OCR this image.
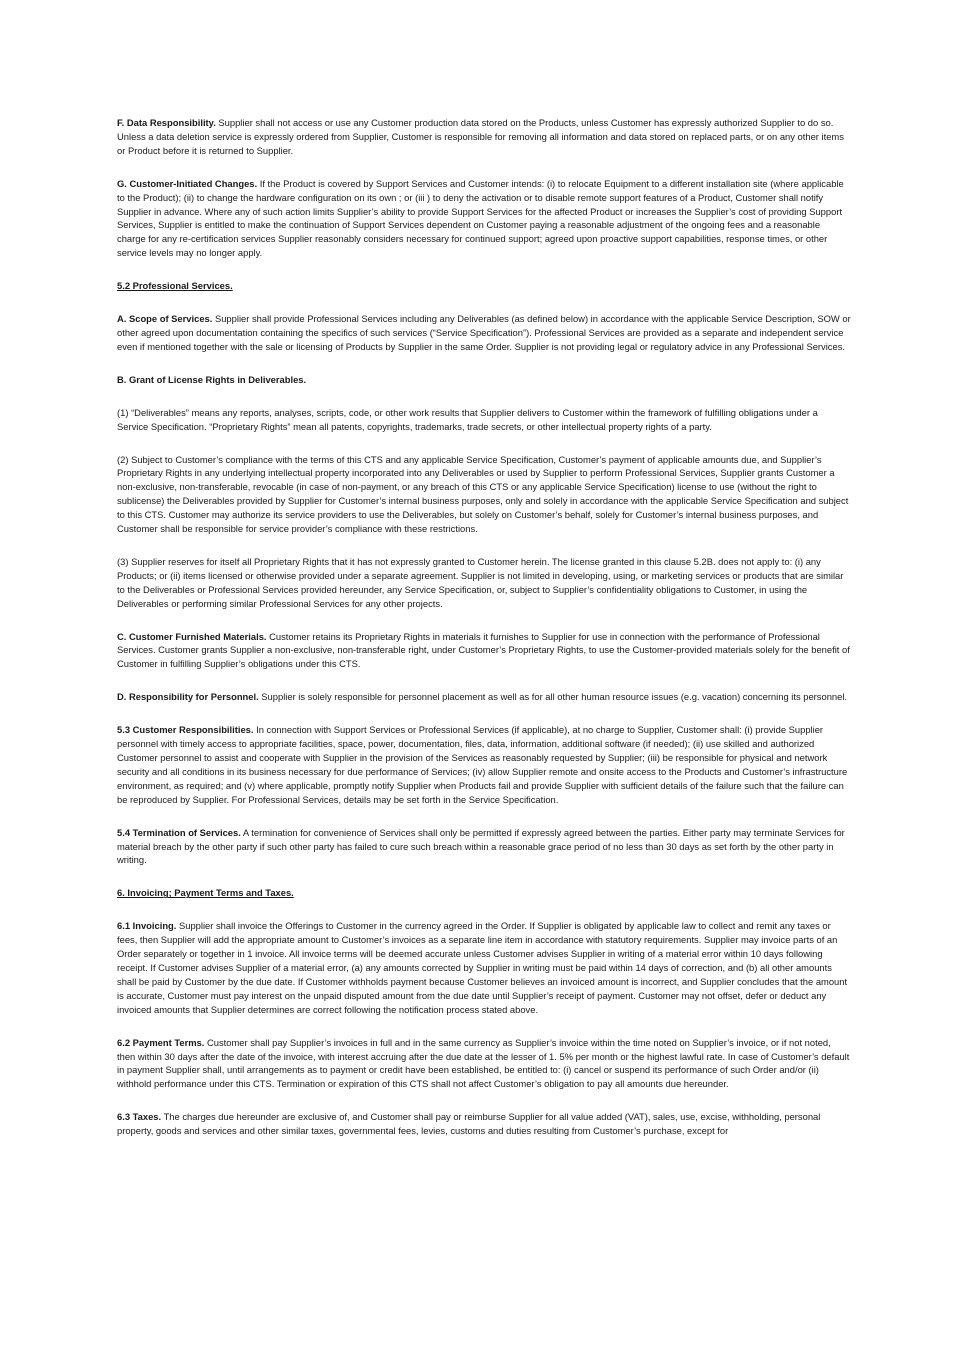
F. Data Responsibility. Supplier shall not access or use any Customer production data stored on the Products, unless Customer has expressly authorized Supplier to do so. Unless a data deletion service is expressly ordered from Supplier, Customer is responsible for removing all information and data stored on replaced parts, or on any other items or Product before it is returned to Supplier.

G. Customer-Initiated Changes. If the Product is covered by Support Services and Customer intends: (i) to relocate Equipment to a different installation site (where applicable to the Product); (ii) to change the hardware configuration on its own ; or (iii ) to deny the activation or to disable remote support features of a Product, Customer shall notify Supplier in advance. Where any of such action limits Supplier’s ability to provide Support Services for the affected Product or increases the Supplier’s cost of providing Support Services, Supplier is entitled to make the continuation of Support Services dependent on Customer paying a reasonable adjustment of the ongoing fees and a reasonable charge for any re-certification services Supplier reasonably considers necessary for continued support; agreed upon proactive support capabilities, response times, or other service levels may no longer apply.

5.2 Professional Services.

A. Scope of Services. Supplier shall provide Professional Services including any Deliverables (as defined below) in accordance with the applicable Service Description, SOW or other agreed upon documentation containing the specifics of such services (“Service Specification”). Professional Services are provided as a separate and independent service even if mentioned together with the sale or licensing of Products by Supplier in the same Order. Supplier is not providing legal or regulatory advice in any Professional Services.

B. Grant of License Rights in Deliverables.

(1) “Deliverables” means any reports, analyses, scripts, code, or other work results that Supplier delivers to Customer within the framework of fulfilling obligations under a Service Specification. “Proprietary Rights” mean all patents, copyrights, trademarks, trade secrets, or other intellectual property rights of a party.

(2) Subject to Customer’s compliance with the terms of this CTS and any applicable Service Specification, Customer’s payment of applicable amounts due, and Supplier’s Proprietary Rights in any underlying intellectual property incorporated into any Deliverables or used by Supplier to perform Professional Services, Supplier grants Customer a non-exclusive, non-transferable, revocable (in case of non-payment, or any breach of this CTS or any applicable Service Specification) license to use (without the right to sublicense) the Deliverables provided by Supplier for Customer’s internal business purposes, only and solely in accordance with the applicable Service Specification and subject to this CTS. Customer may authorize its service providers to use the Deliverables, but solely on Customer’s behalf, solely for Customer’s internal business purposes, and Customer shall be responsible for service provider’s compliance with these restrictions.

(3) Supplier reserves for itself all Proprietary Rights that it has not expressly granted to Customer herein. The license granted in this clause 5.2B. does not apply to: (i) any Products; or (ii) items licensed or otherwise provided under a separate agreement. Supplier is not limited in developing, using, or marketing services or products that are similar to the Deliverables or Professional Services provided hereunder, any Service Specification, or, subject to Supplier’s confidentiality obligations to Customer, in using the Deliverables or performing similar Professional Services for any other projects.

C. Customer Furnished Materials. Customer retains its Proprietary Rights in materials it furnishes to Supplier for use in connection with the performance of Professional Services. Customer grants Supplier a non-exclusive, non-transferable right, under Customer’s Proprietary Rights, to use the Customer-provided materials solely for the benefit of Customer in fulfilling Supplier’s obligations under this CTS.

D. Responsibility for Personnel. Supplier is solely responsible for personnel placement as well as for all other human resource issues (e.g. vacation) concerning its personnel.

5.3 Customer Responsibilities. In connection with Support Services or Professional Services (if applicable), at no charge to Supplier, Customer shall: (i) provide Supplier personnel with timely access to appropriate facilities, space, power, documentation, files, data, information, additional software (if needed); (ii) use skilled and authorized Customer personnel to assist and cooperate with Supplier in the provision of the Services as reasonably requested by Supplier; (iii) be responsible for physical and network security and all conditions in its business necessary for due performance of Services; (iv) allow Supplier remote and onsite access to the Products and Customer’s infrastructure environment, as required; and (v) where applicable, promptly notify Supplier when Products fail and provide Supplier with sufficient details of the failure such that the failure can be reproduced by Supplier. For Professional Services, details may be set forth in the Service Specification.

5.4 Termination of Services. A termination for convenience of Services shall only be permitted if expressly agreed between the parties. Either party may terminate Services for material breach by the other party if such other party has failed to cure such breach within a reasonable grace period of no less than 30 days as set forth by the other party in writing.

6. Invoicing; Payment Terms and Taxes.

6.1 Invoicing. Supplier shall invoice the Offerings to Customer in the currency agreed in the Order. If Supplier is obligated by applicable law to collect and remit any taxes or fees, then Supplier will add the appropriate amount to Customer’s invoices as a separate line item in accordance with statutory requirements. Supplier may invoice parts of an Order separately or together in 1 invoice. All invoice terms will be deemed accurate unless Customer advises Supplier in writing of a material error within 10 days following receipt. If Customer advises Supplier of a material error, (a) any amounts corrected by Supplier in writing must be paid within 14 days of correction, and (b) all other amounts shall be paid by Customer by the due date. If Customer withholds payment because Customer believes an invoiced amount is incorrect, and Supplier concludes that the amount is accurate, Customer must pay interest on the unpaid disputed amount from the due date until Supplier’s receipt of payment. Customer may not offset, defer or deduct any invoiced amounts that Supplier determines are correct following the notification process stated above.

6.2 Payment Terms. Customer shall pay Supplier’s invoices in full and in the same currency as Supplier’s invoice within the time noted on Supplier’s invoice, or if not noted, then within 30 days after the date of the invoice, with interest accruing after the due date at the lesser of 1. 5% per month or the highest lawful rate. In case of Customer’s default in payment Supplier shall, until arrangements as to payment or credit have been established, be entitled to: (i) cancel or suspend its performance of such Order and/or (ii) withhold performance under this CTS. Termination or expiration of this CTS shall not affect Customer’s obligation to pay all amounts due hereunder.

6.3 Taxes. The charges due hereunder are exclusive of, and Customer shall pay or reimburse Supplier for all value added (VAT), sales, use, excise, withholding, personal property, goods and services and other similar taxes, governmental fees, levies, customs and duties resulting from Customer’s purchase, except for
